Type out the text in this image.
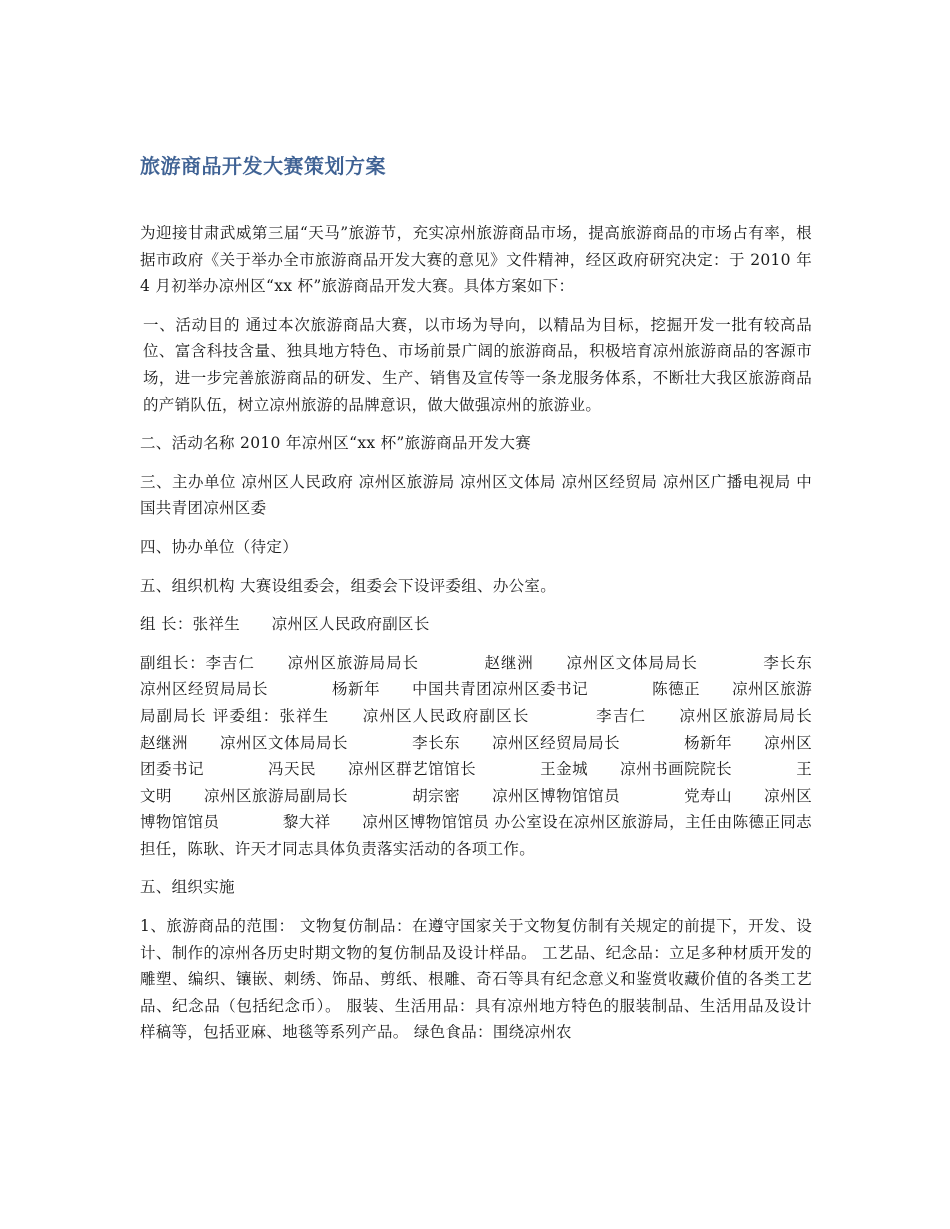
旅游商品开发大赛策划方案

为迎接甘肃武威第三届“天马”旅游节，充实凉州旅游商品市场，提高旅游商品的市场占有率，根据市政府《关于举办全市旅游商品开发大赛的意见》文件精神，经区政府研究决定：于 2010 年 4 月初举办凉州区“xx 杯”旅游商品开发大赛。具体方案如下：

一、活动目的 通过本次旅游商品大赛，以市场为导向，以精品为目标，挖掘开发一批有较高品位、富含科技含量、独具地方特色、市场前景广阔的旅游商品，积极培育凉州旅游商品的客源市场，进一步完善旅游商品的研发、生产、销售及宣传等一条龙服务体系，不断壮大我区旅游商品的产销队伍，树立凉州旅游的品牌意识，做大做强凉州的旅游业。

二、活动名称 2010 年凉州区“xx 杯”旅游商品开发大赛

三、主办单位 凉州区人民政府 凉州区旅游局 凉州区文体局 凉州区经贸局 凉州区广播电视局 中国共青团凉州区委

四、协办单位（待定）

五、组织机构 大赛设组委会，组委会下设评委组、办公室。

组 长：张祥生　　凉州区人民政府副区长

副组长：李吉仁　　凉州区旅游局局长　　　　赵继洲　　凉州区文体局局长　　　　李长东　　凉州区经贸局局长　　　　杨新年　　中国共青团凉州区委书记　　　　陈德正　　凉州区旅游局副局长 评委组：张祥生　　凉州区人民政府副区长　　　　李吉仁　　凉州区旅游局局长　　　　赵继洲　　凉州区文体局局长　　　　李长东　　凉州区经贸局局长　　　　杨新年　　凉州区团委书记　　　　冯天民　　凉州区群艺馆馆长　　　　王金城　　凉州书画院院长　　　　王文明　　凉州区旅游局副局长　　　　胡宗密　　凉州区博物馆馆员　　　　党寿山　　凉州区博物馆馆员　　　　黎大祥　　凉州区博物馆馆员 办公室设在凉州区旅游局，主任由陈德正同志担任，陈耿、许天才同志具体负责落实活动的各项工作。

五、组织实施

1、旅游商品的范围： 文物复仿制品：在遵守国家关于文物复仿制有关规定的前提下，开发、设计、制作的凉州各历史时期文物的复仿制品及设计样品。 工艺品、纪念品：立足多种材质开发的雕塑、编织、镶嵌、刺绣、饰品、剪纸、根雕、奇石等具有纪念意义和鉴赏收藏价值的各类工艺品、纪念品（包括纪念币）。 服装、生活用品：具有凉州地方特色的服装制品、生活用品及设计样稿等，包括亚麻、地毯等系列产品。 绿色食品：围绕凉州农
